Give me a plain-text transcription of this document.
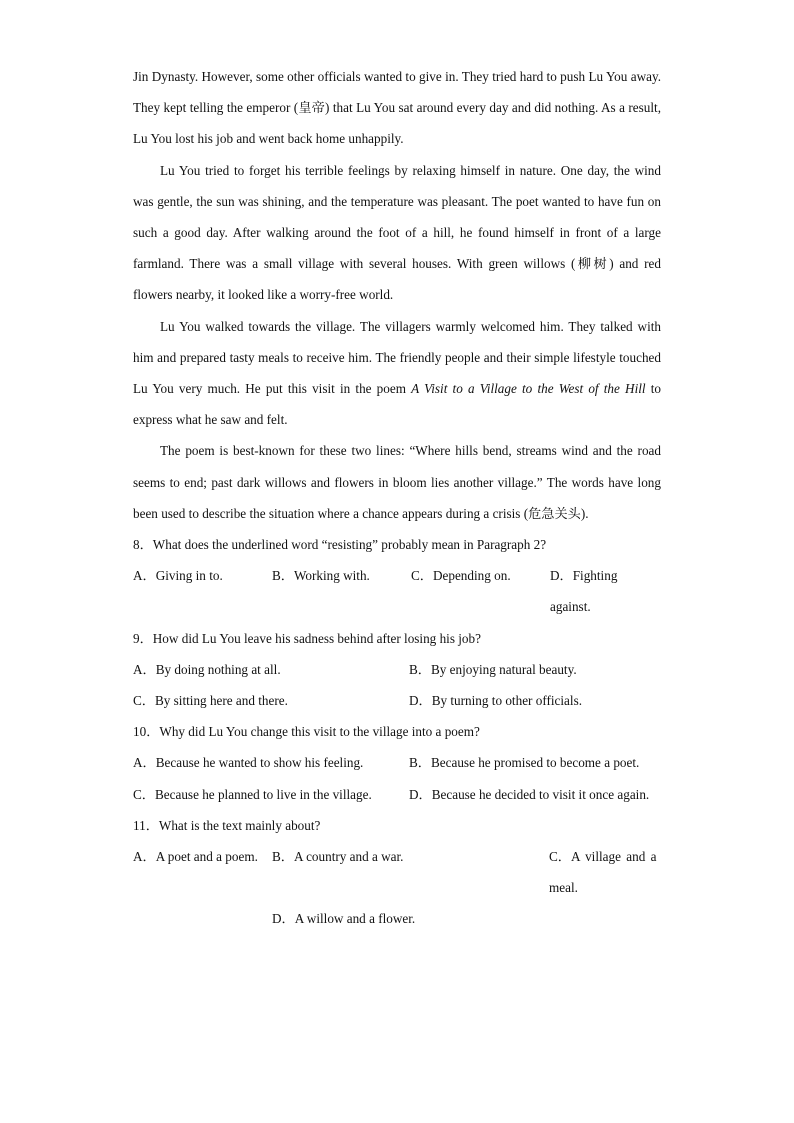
Jin Dynasty. However, some other officials wanted to give in. They tried hard to push Lu You away. They kept telling the emperor (皇帝) that Lu You sat around every day and did nothing. As a result, Lu You lost his job and went back home unhappily.

Lu You tried to forget his terrible feelings by relaxing himself in nature. One day, the wind was gentle, the sun was shining, and the temperature was pleasant. The poet wanted to have fun on such a good day. After walking around the foot of a hill, he found himself in front of a large farmland. There was a small village with several houses. With green willows (柳树) and red flowers nearby, it looked like a worry-free world.

Lu You walked towards the village. The villagers warmly welcomed him. They talked with him and prepared tasty meals to receive him. The friendly people and their simple lifestyle touched Lu You very much. He put this visit in the poem A Visit to a Village to the West of the Hill to express what he saw and felt.

The poem is best-known for these two lines: “Where hills bend, streams wind and the road seems to end; past dark willows and flowers in bloom lies another village.” The words have long been used to describe the situation where a chance appears during a crisis (危急关头).

8．What does the underlined word “resisting” probably mean in Paragraph 2?

A．Giving in to.	B．Working with.	C．Depending on.	D．Fighting against.

9．How did Lu You leave his sadness behind after losing his job?

A．By doing nothing at all.	B．By enjoying natural beauty.
C．By sitting here and there.	D．By turning to other officials.

10．Why did Lu You change this visit to the village into a poem?

A．Because he wanted to show his feeling.	B．Because he promised to become a poet.
C．Because he planned to live in the village.	D．Because he decided to visit it once again.

11．What is the text mainly about?

A．A poet and a poem.	B．A country and a war.	C．A village and a meal.
D．A willow and a flower.
